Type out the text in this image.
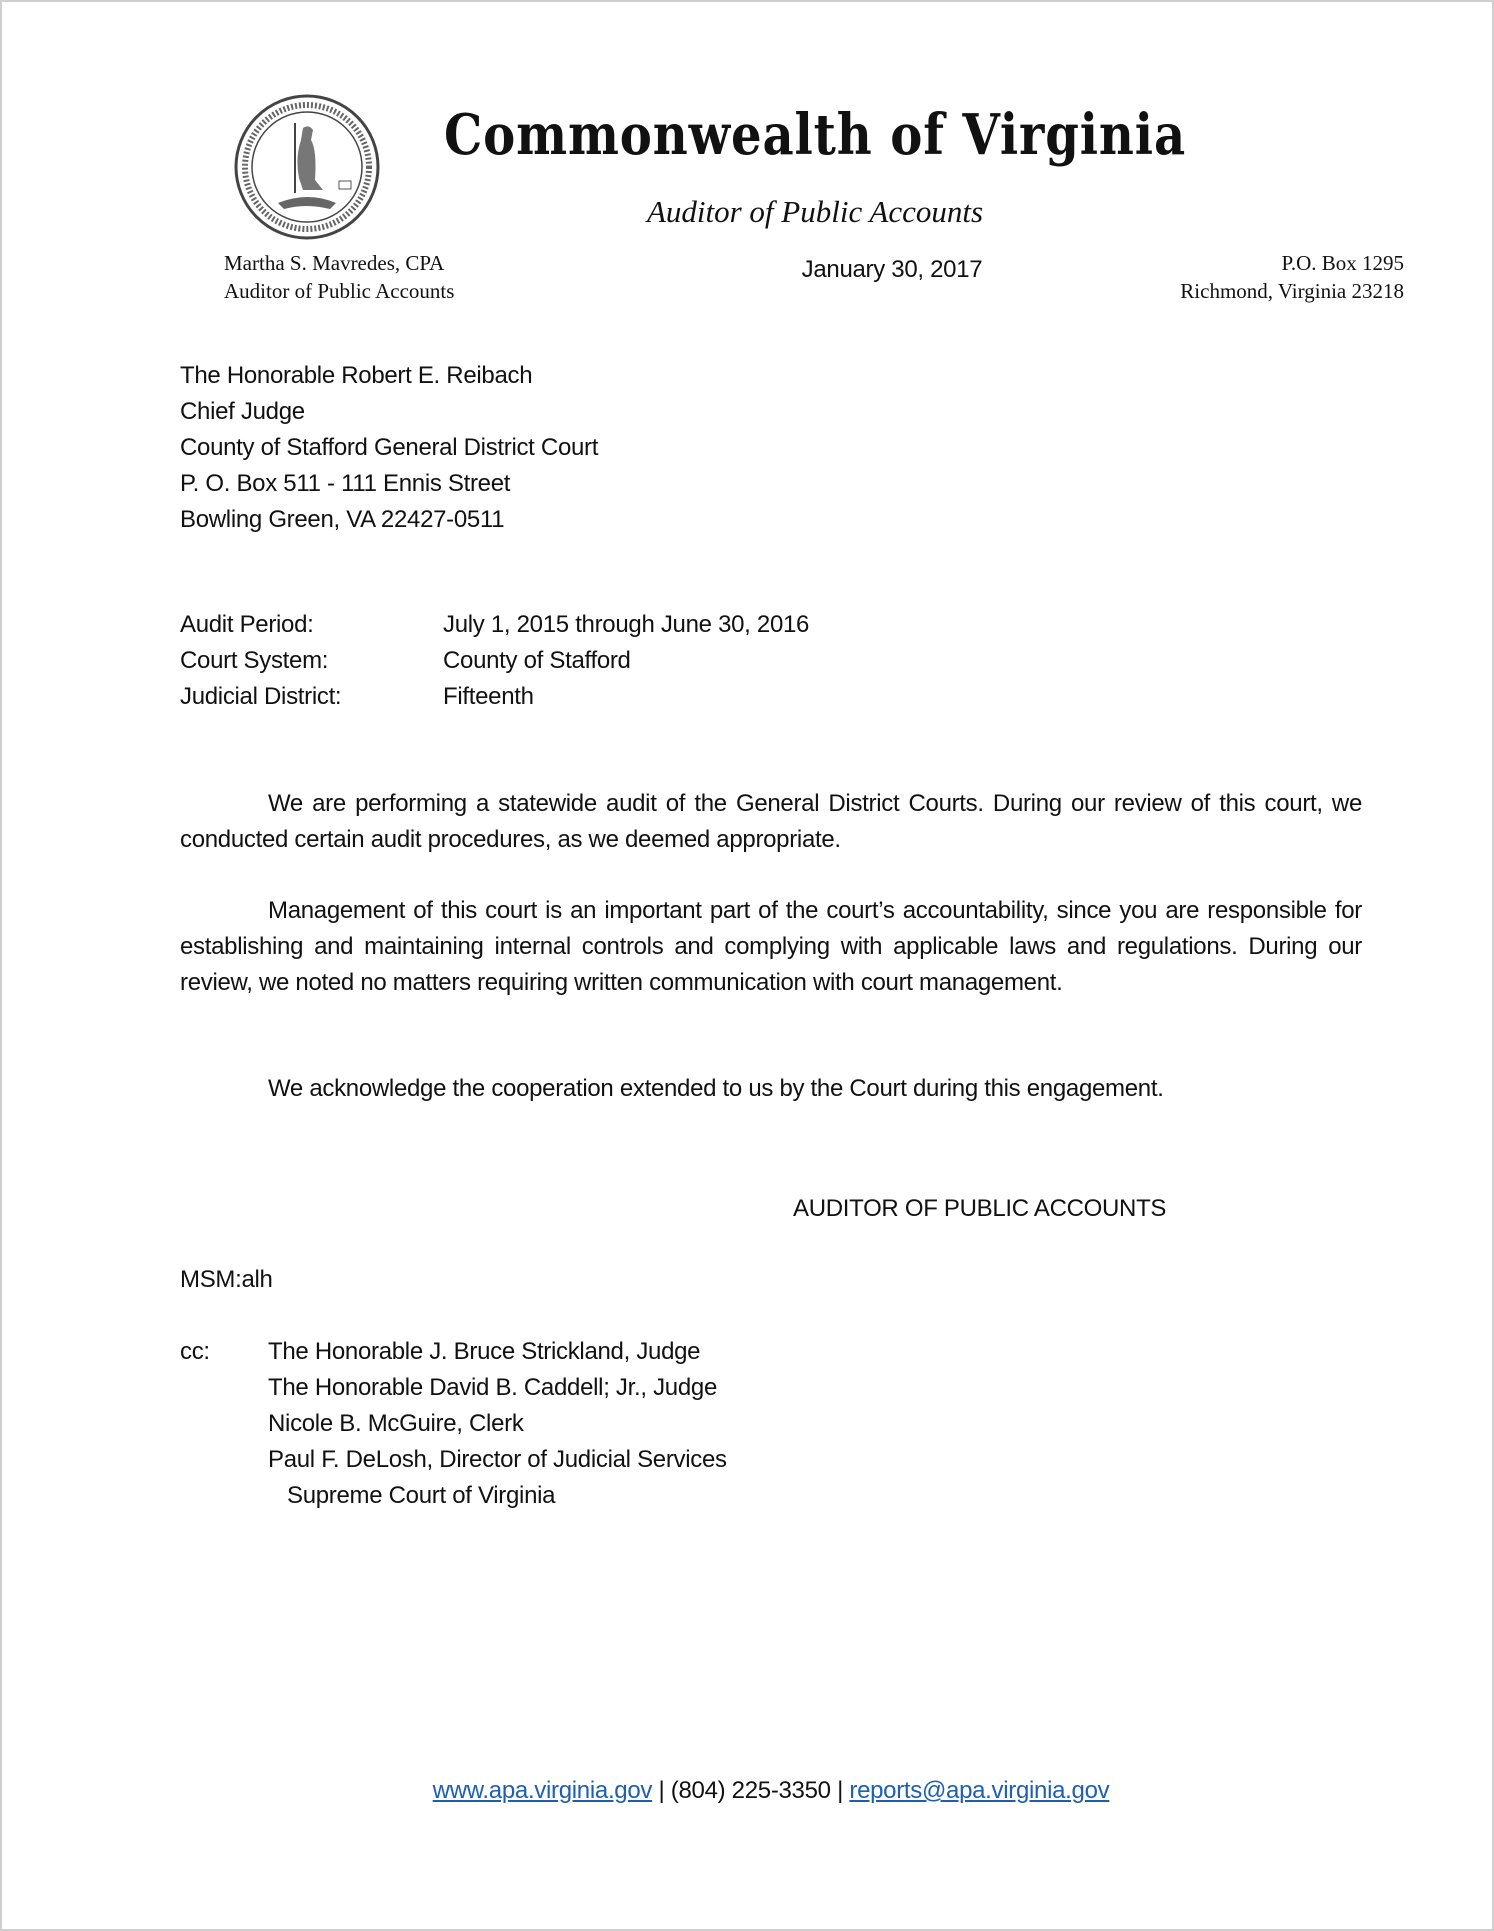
Commonwealth of Virginia
Auditor of Public Accounts
Martha S. Mavredes, CPA
Auditor of Public Accounts
January 30, 2017	P.O. Box 1295
Richmond, Virginia 23218
The Honorable Robert E. Reibach
Chief Judge
County of Stafford General District Court
P. O. Box 511 - 111 Ennis Street
Bowling Green, VA 22427-0511
Audit Period:	July 1, 2015 through June 30, 2016
Court System:	County of Stafford
Judicial District:	Fifteenth
We are performing a statewide audit of the General District Courts. During our review of this court, we conducted certain audit procedures, as we deemed appropriate.
Management of this court is an important part of the court’s accountability, since you are responsible for establishing and maintaining internal controls and complying with applicable laws and regulations. During our review, we noted no matters requiring written communication with court management.
We acknowledge the cooperation extended to us by the Court during this engagement.
AUDITOR OF PUBLIC ACCOUNTS
MSM:alh
cc: The Honorable J. Bruce Strickland, Judge
The Honorable David B. Caddell; Jr., Judge
Nicole B. McGuire, Clerk
Paul F. DeLosh, Director of Judicial Services
Supreme Court of Virginia
www.apa.virginia.gov | (804) 225-3350 | reports@apa.virginia.gov
